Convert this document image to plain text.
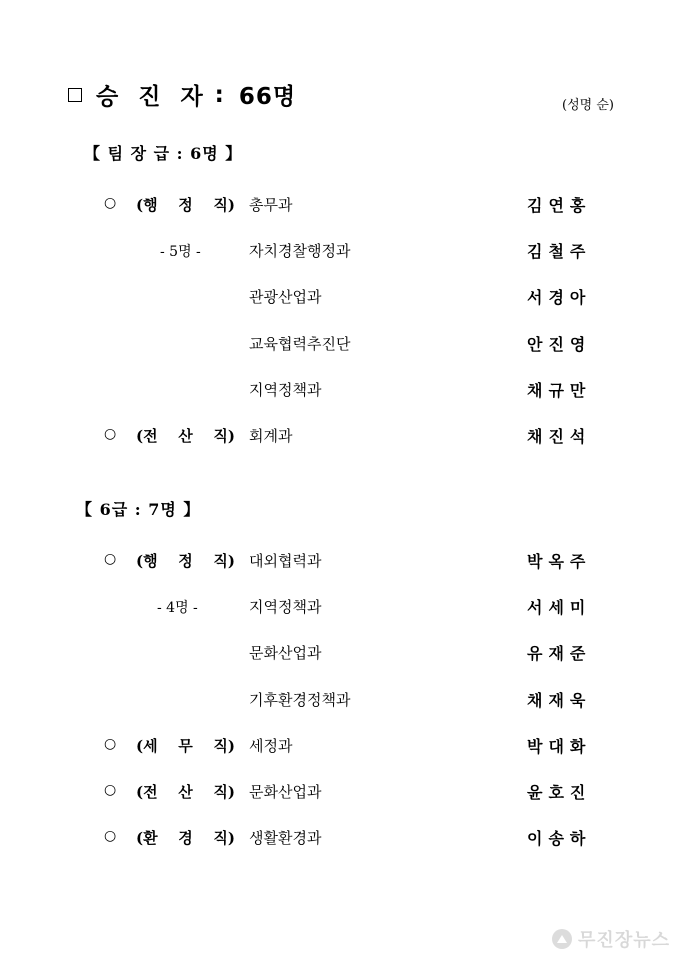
승 진 자 : 66명	(성명 순)
【 팀 장 급 : 6명 】
○ (행 정 직) 총무과	김연홍
- 5명 -	자치경찰행정과	김철주
관광산업과	서경아
교육협력추진단	안진영
지역정책과	채규만
○ (전 산 직) 회계과	채진석
【 6급 : 7명 】
○ (행 정 직) 대외협력과	박옥주
- 4명 -	지역정책과	서세미
문화산업과	유재준
기후환경정책과	채재욱
○ (세 무 직) 세정과	박대화
○ (전 산 직) 문화산업과	윤호진
○ (환 경 직) 생활환경과	이송하
무진장뉴스
